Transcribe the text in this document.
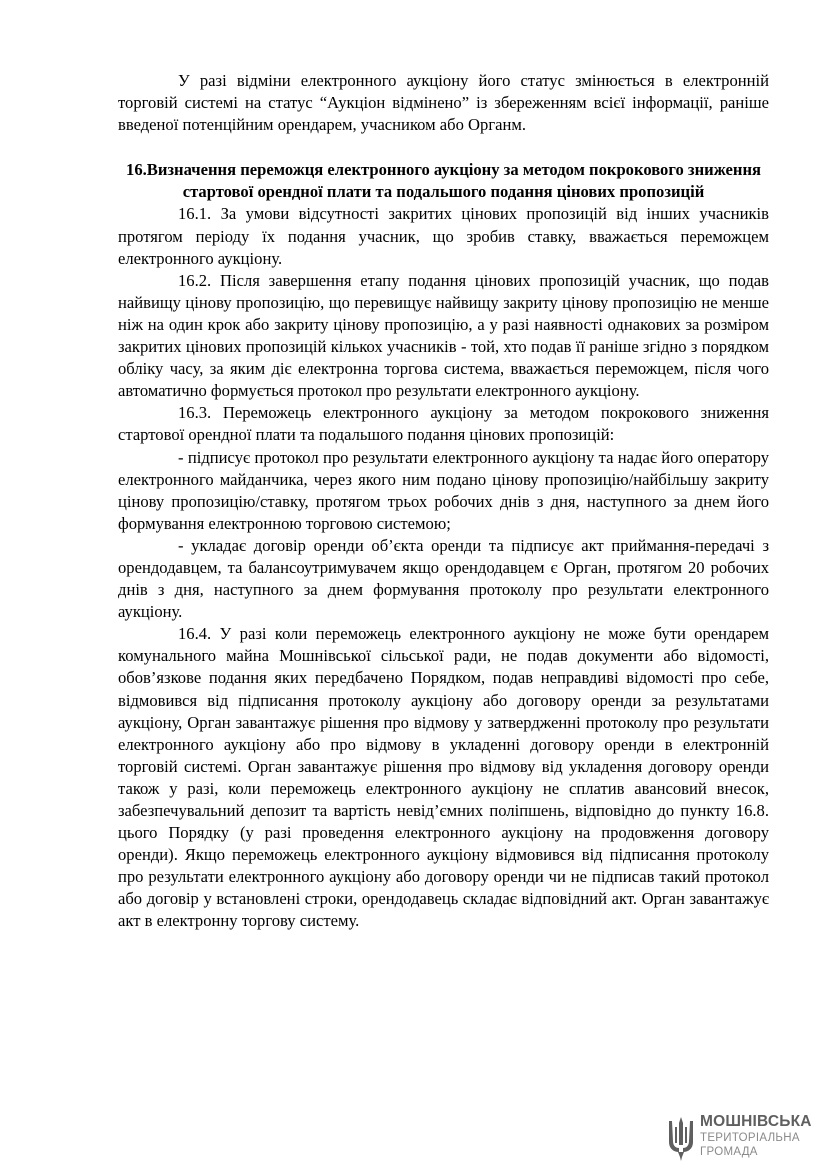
У разі відміни електронного аукціону його статус змінюється в електронній торговій системі на статус “Аукціон відмінено” із збереженням всієї інформації, раніше введеної потенційним орендарем, учасником або Органм.

16.Визначення переможця електронного аукціону за методом покрокового зниження стартової орендної плати та подальшого подання цінових пропозицій

16.1. За умови відсутності закритих цінових пропозицій від інших учасників протягом періоду їх подання учасник, що зробив ставку, вважається переможцем електронного аукціону.

16.2. Після завершення етапу подання цінових пропозицій учасник, що подав найвищу цінову пропозицію, що перевищує найвищу закриту цінову пропозицію не менше ніж на один крок або закриту цінову пропозицію, а у разі наявності однакових за розміром закритих цінових пропозицій кількох учасників - той, хто подав її раніше згідно з порядком обліку часу, за яким діє електронна торгова система, вважається переможцем, після чого автоматично формується протокол про результати електронного аукціону.

16.3. Переможець електронного аукціону за методом покрокового зниження стартової орендної плати та подальшого подання цінових пропозицій:

- підписує протокол про результати електронного аукціону та надає його оператору електронного майданчика, через якого ним подано цінову пропозицію/найбільшу закриту цінову пропозицію/ставку, протягом трьох робочих днів з дня, наступного за днем його формування електронною торговою системою;

- укладає договір оренди об’єкта оренди та підписує акт приймання-передачі з орендодавцем, та балансоутримувачем якщо орендодавцем є Орган, протягом 20 робочих днів з дня, наступного за днем формування протоколу про результати електронного аукціону.

16.4. У разі коли переможець електронного аукціону не може бути орендарем комунального майна Мошнівської сільської ради, не подав документи або відомості, обов’язкове подання яких передбачено Порядком, подав неправдиві відомості про себе, відмовився від підписання протоколу аукціону або договору оренди за результатами аукціону, Орган завантажує рішення про відмову у затвердженні протоколу про результати електронного аукціону або про відмову в укладенні договору оренди в електронній торговій системі. Орган завантажує рішення про відмову від укладення договору оренди також у разі, коли переможець електронного аукціону не сплатив авансовий внесок, забезпечувальний депозит та вартість невід’ємних поліпшень, відповідно до пункту 16.8. цього Порядку (у разі проведення електронного аукціону на продовження договору оренди). Якщо переможець електронного аукціону відмовився від підписання протоколу про результати електронного аукціону або договору оренди чи не підписав такий протокол або договір у встановлені строки, орендодавець складає відповідний акт. Орган завантажує акт в електронну торгову систему.

МОШНІВСЬКА
ТЕРИТОРІАЛЬНА
ГРОМАДА
